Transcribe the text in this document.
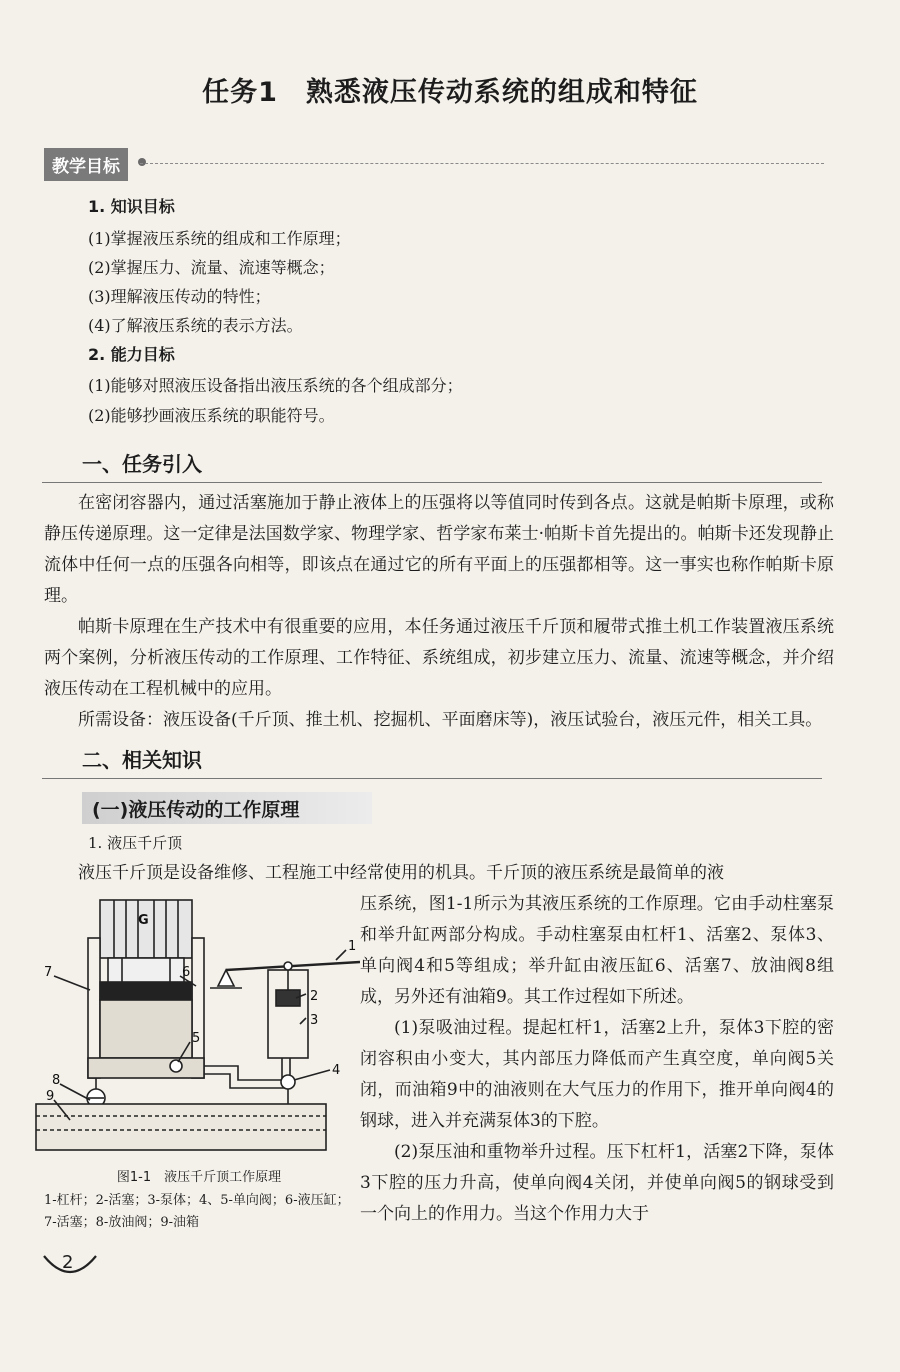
任务1　熟悉液压传动系统的组成和特征
教学目标
1. 知识目标
(1)掌握液压系统的组成和工作原理；
(2)掌握压力、流量、流速等概念；
(3)理解液压传动的特性；
(4)了解液压系统的表示方法。
2. 能力目标
(1)能够对照液压设备指出液压系统的各个组成部分；
(2)能够抄画液压系统的职能符号。
一、任务引入

在密闭容器内，通过活塞施加于静止液体上的压强将以等值同时传到各点。这就是帕斯卡原理，或称静压传递原理。这一定律是法国数学家、物理学家、哲学家布莱士·帕斯卡首先提出的。帕斯卡还发现静止流体中任何一点的压强各向相等，即该点在通过它的所有平面上的压强都相等。这一事实也称作帕斯卡原理。

帕斯卡原理在生产技术中有很重要的应用，本任务通过液压千斤顶和履带式推土机工作装置液压系统两个案例，分析液压传动的工作原理、工作特征、系统组成，初步建立压力、流量、流速等概念，并介绍液压传动在工程机械中的应用。

所需设备：液压设备(千斤顶、推土机、挖掘机、平面磨床等)，液压试验台，液压元件，相关工具。

二、相关知识
(一)液压传动的工作原理
1. 液压千斤顶

液压千斤顶是设备维修、工程施工中经常使用的机具。千斤顶的液压系统是最简单的液

压系统，图1-1所示为其液压系统的工作原理。它由手动柱塞泵和举升缸两部分构成。手动柱塞泵由杠杆1、活塞2、泵体3、单向阀4和5等组成；举升缸由液压缸6、活塞7、放油阀8组成，另外还有油箱9。其工作过程如下所述。

(1)泵吸油过程。提起杠杆1，活塞2上升，泵体3下腔的密闭容积由小变大，其内部压力降低而产生真空度，单向阀5关闭，而油箱9中的油液则在大气压力的作用下，推开单向阀4的钢球，进入并充满泵体3的下腔。

(2)泵压油和重物举升过程。压下杠杆1，活塞2下降，泵体3下腔的压力升高，使单向阀4关闭，并使单向阀5的钢球受到一个向上的作用力。当这个作用力大于

G
1
2
3
4
5
6
7
8
9
图1-1　液压千斤顶工作原理
1-杠杆；2-活塞；3-泵体；4、5-单向阀；6-液压缸；7-活塞；8-放油阀；9-油箱
2
